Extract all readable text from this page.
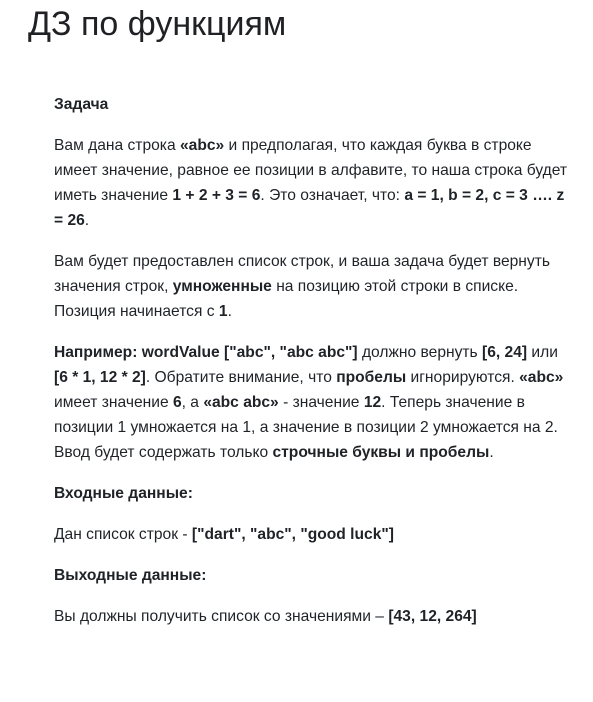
ДЗ по функциям

Задача

Вам дана строка «abc» и предполагая, что каждая буква в строке имеет значение, равное ее позиции в алфавите, то наша строка будет иметь значение 1 + 2 + 3 = 6. Это означает, что: a = 1, b = 2, c = 3 …. z = 26.

Вам будет предоставлен список строк, и ваша задача будет вернуть значения строк, умноженные на позицию этой строки в списке. Позиция начинается с 1.

Например: wordValue ["abc", "abc abc"] должно вернуть [6, 24] или [6 * 1, 12 * 2]. Обратите внимание, что пробелы игнорируются. «abc» имеет значение 6, а «abc abc» - значение 12. Теперь значение в позиции 1 умножается на 1, а значение в позиции 2 умножается на 2. Ввод будет содержать только строчные буквы и пробелы.

Входные данные:

Дан список строк - ["dart", "abc", "good luck"]

Выходные данные:

Вы должны получить список со значениями – [43, 12, 264]
